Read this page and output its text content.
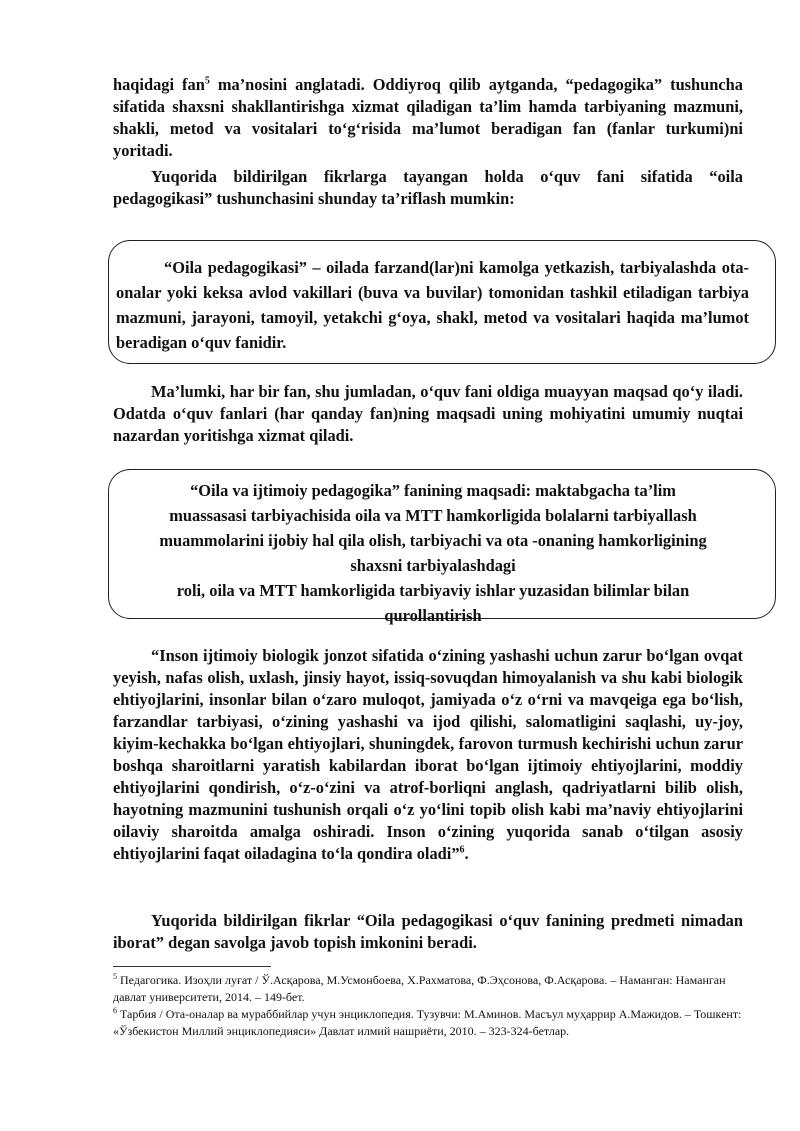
haqidagi fan$^5$ ma’nosini anglatadi. Oddiyroq qilib aytganda, “pedagogika” tushuncha sifatida shaxsni shakllantirishga xizmat qiladigan ta’lim hamda tarbiyaning mazmuni, shakli, metod va vositalari to‘g‘risida ma’lumot beradigan fan (fanlar turkumi)ni yoritadi.

Yuqorida bildirilgan fikrlarga tayangan holda o‘quv fani sifatida “oila pedagogikasi” tushunchasini shunday ta’riflash mumkin:

“Oila pedagogikasi” – oilada farzand(lar)ni kamolga yetkazish, tarbiyalashda ota-onalar yoki keksa avlod vakillari (buva va buvilar) tomonidan tashkil etiladigan tarbiya mazmuni, jarayoni, tamoyil, yetakchi g‘oya, shakl, metod va vositalari haqida ma’lumot beradigan o‘quv fanidir.

Ma’lumki, har bir fan, shu jumladan, o‘quv fani oldiga muayyan maqsad qo‘y iladi. Odatda o‘quv fanlari (har qanday fan)ning maqsadi uning mohiyatini umumiy nuqtai nazardan yoritishga xizmat qiladi.

“Oila va ijtimoiy pedagogika” fanining maqsadi: maktabgacha ta’lim
muassasasi tarbiyachisida oila va MTT hamkorligida bolalarni tarbiyallash
muammolarini ijobiy hal qila olish, tarbiyachi va ota -onaning hamkorligining
shaxsni tarbiyalashdagi
roli, oila va MTT hamkorligida tarbiyaviy ishlar yuzasidan bilimlar bilan
qurollantirish

“Inson ijtimoiy biologik jonzot sifatida o‘zining yashashi uchun zarur bo‘lgan ovqat yeyish, nafas olish, uxlash, jinsiy hayot, issiq-sovuqdan himoyalanish va shu kabi biologik ehtiyojlarini, insonlar bilan o‘zaro muloqot, jamiyada o‘z o‘rni va mavqeiga ega bo‘lish, farzandlar tarbiyasi, o‘zining yashashi va ijod qilishi, salomatligini saqlashi, uy-joy, kiyim-kechakka bo‘lgan ehtiyojlari, shuningdek, farovon turmush kechirishi uchun zarur boshqa sharoitlarni yaratish kabilardan iborat bo‘lgan ijtimoiy ehtiyojlarini, moddiy ehtiyojlarini qondirish, o‘z-o‘zini va atrof-borliqni anglash, qadriyatlarni bilib olish, hayotning mazmunini tushunish orqali o‘z yo‘lini topib olish kabi ma’naviy ehtiyojlarini oilaviy sharoitda amalga oshiradi. Inson o‘zining yuqorida sanab o‘tilgan asosiy ehtiyojlarini faqat oiladagina to‘la qondira oladi”$^6$.

Yuqorida bildirilgan fikrlar “Oila pedagogikasi o‘quv fanining predmeti nimadan iborat” degan savolga javob topish imkonini beradi.

$^5$ Педагогика. Изоҳли луғат / Ў.Асқарова, М.Усмонбоева, Х.Рахматова, Ф.Эҳсонова, Ф.Асқарова. – Наманган: Наманган давлат университети, 2014. – 149-бет.

$^6$ Тарбия / Ота-оналар ва мураббийлар учун энциклопедия. Тузувчи: М.Аминов. Масъул муҳаррир А.Мажидов. – Тошкент: «Ўзбекистон Миллий энциклопедияси» Давлат илмий нашриёти, 2010. – 323-324-бетлар.
